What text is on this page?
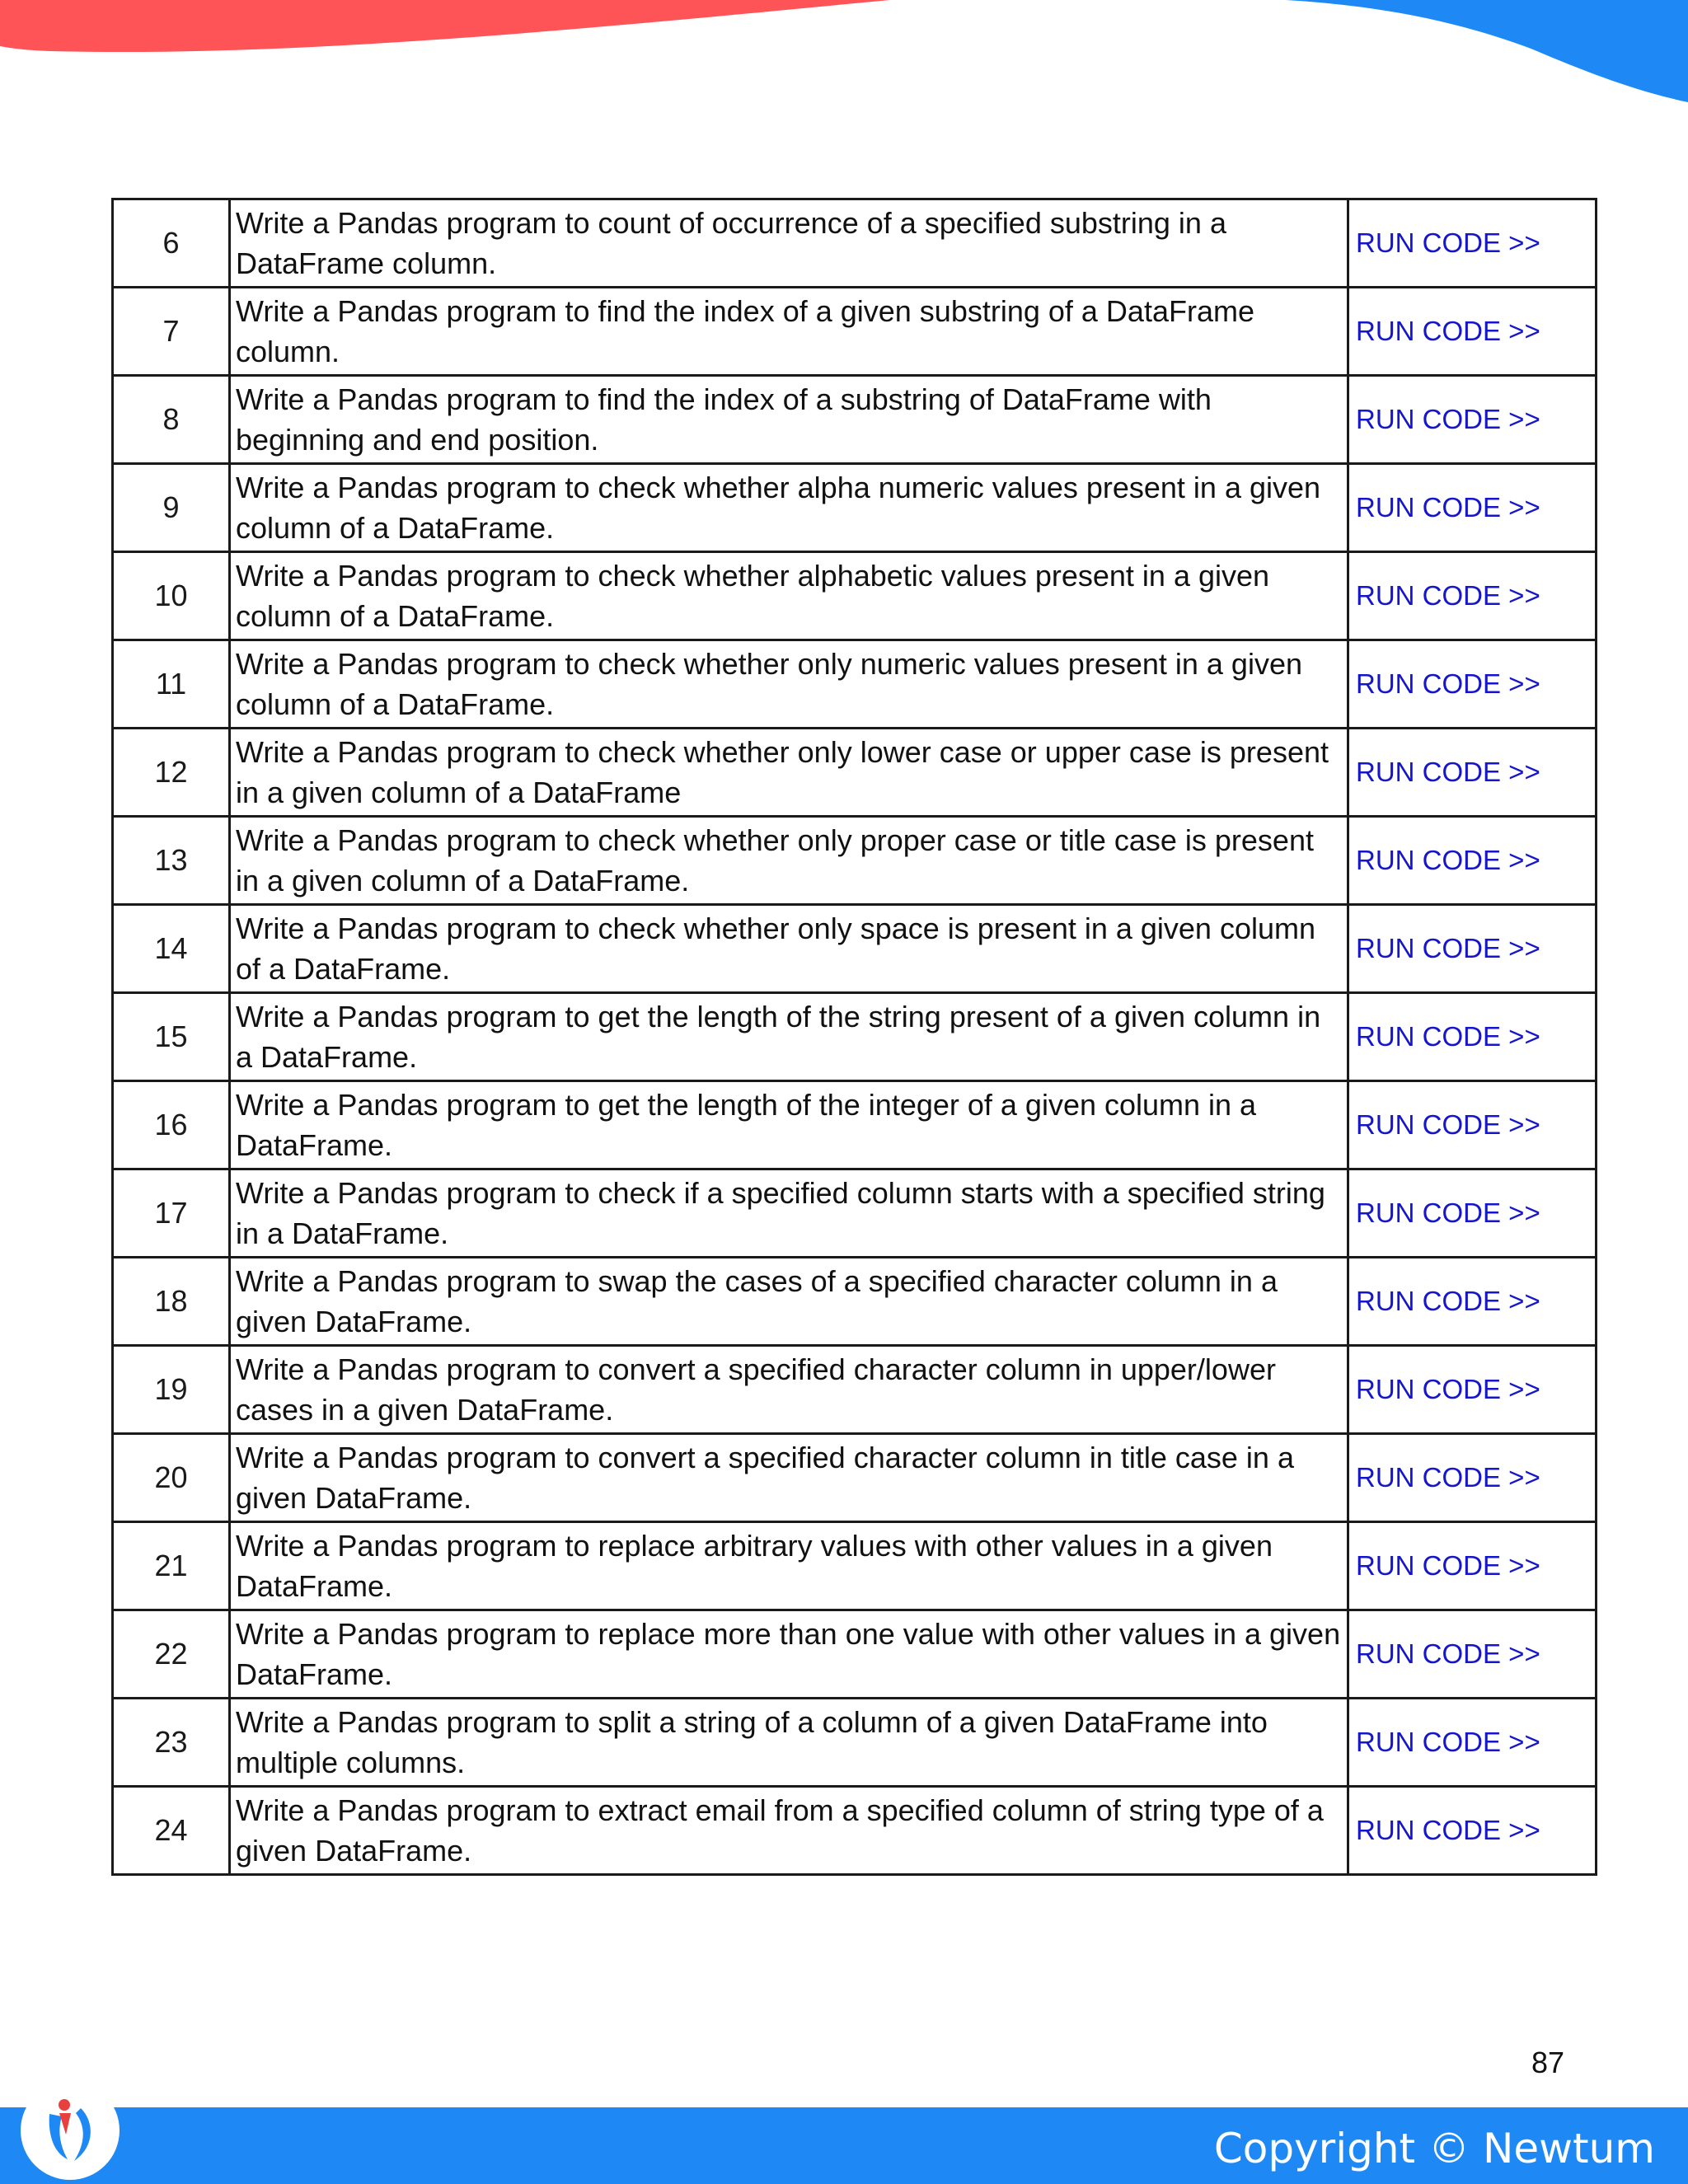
6	Write a Pandas program to count of occurrence of a specified substring in a DataFrame column.	RUN CODE >>
7	Write a Pandas program to find the index of a given substring of a DataFrame column.	RUN CODE >>
8	Write a Pandas program to find the index of a substring of DataFrame with beginning and end position.	RUN CODE >>
9	Write a Pandas program to check whether alpha numeric values present in a given column of a DataFrame.	RUN CODE >>
10	Write a Pandas program to check whether alphabetic values present in a given column of a DataFrame.	RUN CODE >>
11	Write a Pandas program to check whether only numeric values present in a given column of a DataFrame.	RUN CODE >>
12	Write a Pandas program to check whether only lower case or upper case is present in a given column of a DataFrame	RUN CODE >>
13	Write a Pandas program to check whether only proper case or title case is present in a given column of a DataFrame.	RUN CODE >>
14	Write a Pandas program to check whether only space is present in a given column of a DataFrame.	RUN CODE >>
15	Write a Pandas program to get the length of the string present of a given column in a DataFrame.	RUN CODE >>
16	Write a Pandas program to get the length of the integer of a given column in a DataFrame.	RUN CODE >>
17	Write a Pandas program to check if a specified column starts with a specified string in a DataFrame.	RUN CODE >>
18	Write a Pandas program to swap the cases of a specified character column in a given DataFrame.	RUN CODE >>
19	Write a Pandas program to convert a specified character column in upper/lower cases in a given DataFrame.	RUN CODE >>
20	Write a Pandas program to convert a specified character column in title case in a given DataFrame.	RUN CODE >>
21	Write a Pandas program to replace arbitrary values with other values in a given DataFrame.	RUN CODE >>
22	Write a Pandas program to replace more than one value with other values in a given DataFrame.	RUN CODE >>
23	Write a Pandas program to split a string of a column of a given DataFrame into multiple columns.	RUN CODE >>
24	Write a Pandas program to extract email from a specified column of string type of a given DataFrame.	RUN CODE >>
87
Copyright © Newtum
